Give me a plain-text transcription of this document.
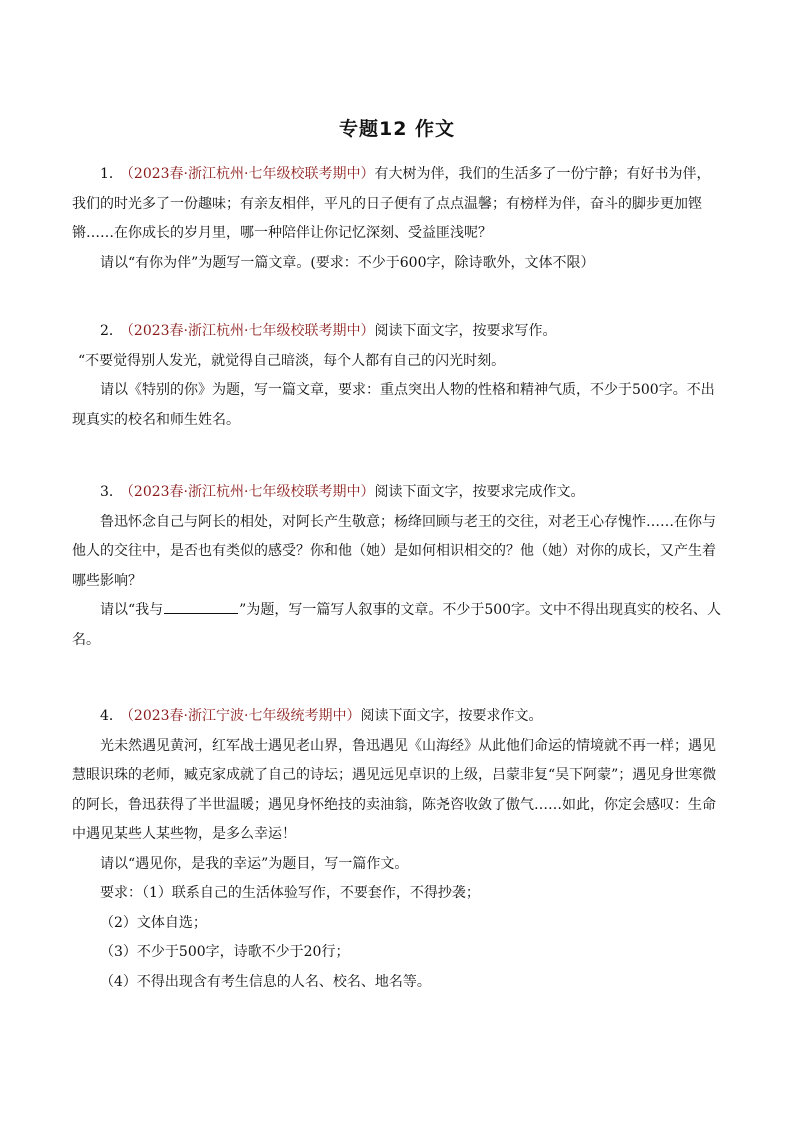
专题12 作文

1． （2023春·浙江杭州·七年级校联考期中）有大树为伴，我们的生活多了一份宁静；有好书为伴，我们的时光多了一份趣味；有亲友相伴，平凡的日子便有了点点温馨；有榜样为伴，奋斗的脚步更加铿锵……在你成长的岁月里，哪一种陪伴让你记忆深刻、受益匪浅呢？

请以“有你为伴”为题写一篇文章。(要求：不少于600字，除诗歌外，文体不限）

2． （2023春·浙江杭州·七年级校联考期中）阅读下面文字，按要求写作。

“不要觉得别人发光，就觉得自己暗淡，每个人都有自己的闪光时刻。

请以《特别的你》为题，写一篇文章，要求：重点突出人物的性格和精神气质，不少于500字。不出现真实的校名和师生姓名。

3． （2023春·浙江杭州·七年级校联考期中）阅读下面文字，按要求完成作文。

鲁迅怀念自己与阿长的相处，对阿长产生敬意；杨绛回顾与老王的交往，对老王心存愧怍……在你与他人的交往中，是否也有类似的感受？你和他（她）是如何相识相交的？他（她）对你的成长，又产生着哪些影响？

请以“我与	”为题，写一篇写人叙事的文章。不少于500字。文中不得出现真实的校名、人名。

4． （2023春·浙江宁波·七年级统考期中）阅读下面文字，按要求作文。

光未然遇见黄河，红军战士遇见老山界，鲁迅遇见《山海经》从此他们命运的情境就不再一样；遇见慧眼识珠的老师，臧克家成就了自己的诗坛；遇见远见卓识的上级，吕蒙非复“吴下阿蒙”；遇见身世寒微的阿长，鲁迅获得了半世温暖；遇见身怀绝技的卖油翁，陈尧咨收敛了傲气……如此，你定会感叹：生命中遇见某些人某些物，是多么幸运！

请以“遇见你，是我的幸运”为题目，写一篇作文。

要求：（1）联系自己的生活体验写作，不要套作，不得抄袭；

（2）文体自选；

（3）不少于500字，诗歌不少于20行；

（4）不得出现含有考生信息的人名、校名、地名等。
